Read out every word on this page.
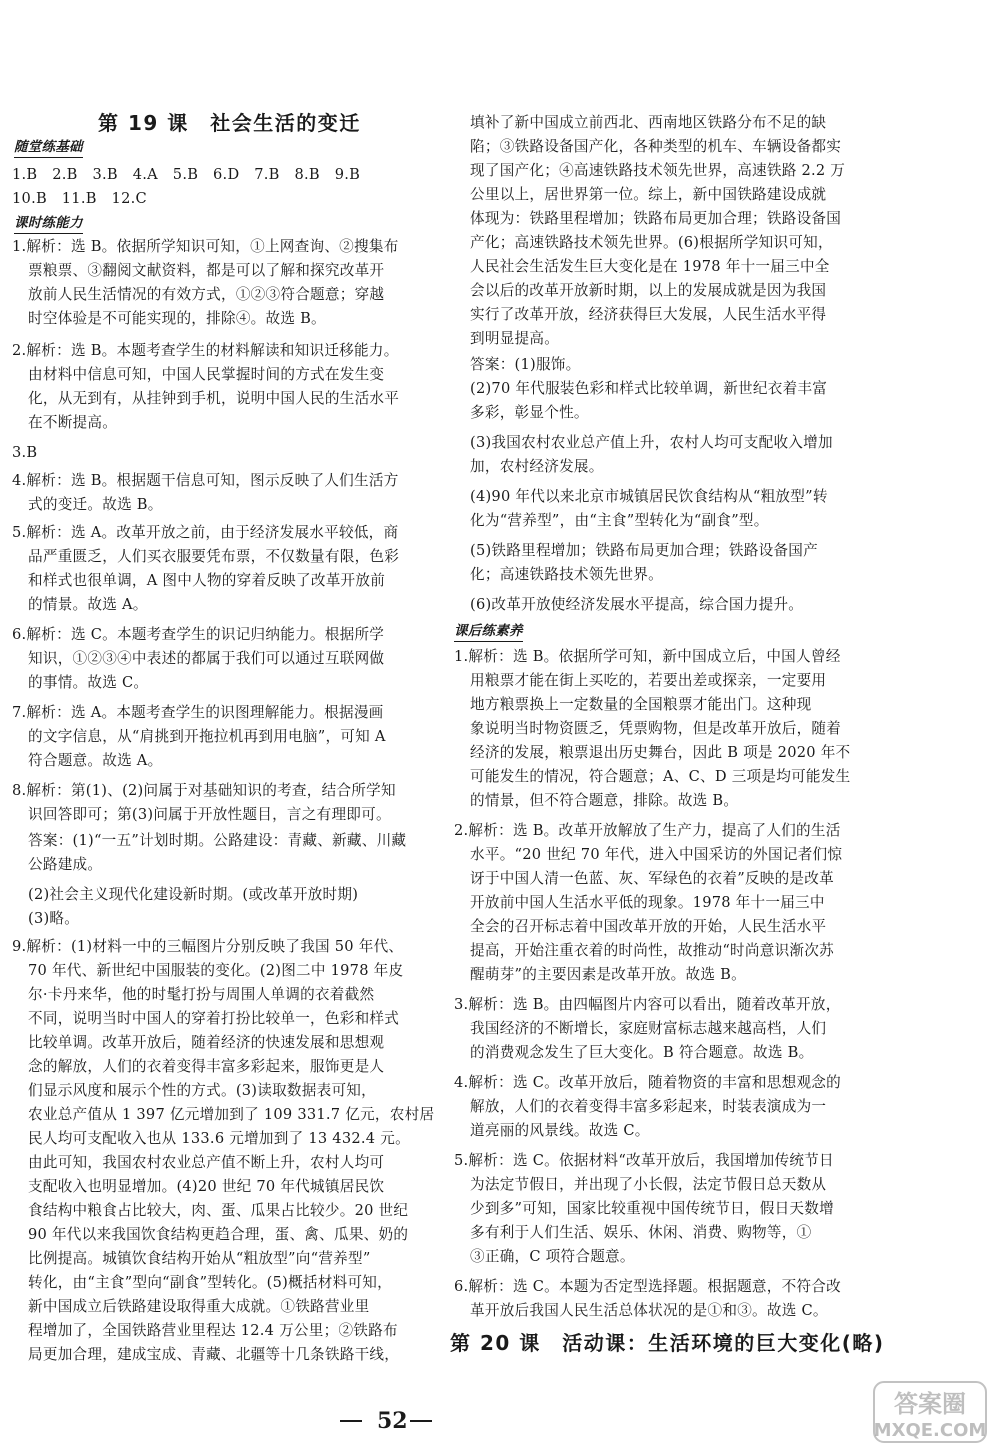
第 19 课　社会生活的变迁
随堂练基础
1.B　2.B　3.B　4.A　5.B　6.D　7.B　8.B　9.B
10.B　11.B　12.C
课时练能力
1.解析：选 B。依据所学知识可知，①上网查询、②搜集布
票粮票、③翻阅文献资料，都是可以了解和探究改革开
放前人民生活情况的有效方式，①②③符合题意；穿越
时空体验是不可能实现的，排除④。故选 B。
2.解析：选 B。本题考查学生的材料解读和知识迁移能力。
由材料中信息可知，中国人民掌握时间的方式在发生变
化，从无到有，从挂钟到手机，说明中国人民的生活水平
在不断提高。
3.B
4.解析：选 B。根据题干信息可知，图示反映了人们生活方
式的变迁。故选 B。
5.解析：选 A。改革开放之前，由于经济发展水平较低，商
品严重匮乏，人们买衣服要凭布票，不仅数量有限，色彩
和样式也很单调，A 图中人物的穿着反映了改革开放前
的情景。故选 A。
6.解析：选 C。本题考查学生的识记归纳能力。根据所学
知识，①②③④中表述的都属于我们可以通过互联网做
的事情。故选 C。
7.解析：选 A。本题考查学生的识图理解能力。根据漫画
的文字信息，从“肩挑到开拖拉机再到用电脑”，可知 A
符合题意。故选 A。
8.解析：第(1)、(2)问属于对基础知识的考查，结合所学知
识回答即可；第(3)问属于开放性题目，言之有理即可。
答案：(1)“一五”计划时期。公路建设：青藏、新藏、川藏
公路建成。
(2)社会主义现代化建设新时期。(或改革开放时期)
(3)略。
9.解析：(1)材料一中的三幅图片分别反映了我国 50 年代、
70 年代、新世纪中国服装的变化。(2)图二中 1978 年皮
尔·卡丹来华，他的时髦打扮与周围人单调的衣着截然
不同，说明当时中国人的穿着打扮比较单一，色彩和样式
比较单调。改革开放后，随着经济的快速发展和思想观
念的解放，人们的衣着变得丰富多彩起来，服饰更是人
们显示风度和展示个性的方式。(3)读取数据表可知，
农业总产值从 1 397 亿元增加到了 109 331.7 亿元，农村居
民人均可支配收入也从 133.6 元增加到了 13 432.4 元。
由此可知，我国农村农业总产值不断上升，农村人均可
支配收入也明显增加。(4)20 世纪 70 年代城镇居民饮
食结构中粮食占比较大，肉、蛋、瓜果占比较少。20 世纪
90 年代以来我国饮食结构更趋合理，蛋、禽、瓜果、奶的
比例提高。城镇饮食结构开始从“粗放型”向“营养型”
转化，由“主食”型向“副食”型转化。(5)概括材料可知，
新中国成立后铁路建设取得重大成就。①铁路营业里
程增加了，全国铁路营业里程达 12.4 万公里；②铁路布
局更加合理，建成宝成、青藏、北疆等十几条铁路干线，
填补了新中国成立前西北、西南地区铁路分布不足的缺
陷；③铁路设备国产化，各种类型的机车、车辆设备都实
现了国产化；④高速铁路技术领先世界，高速铁路 2.2 万
公里以上，居世界第一位。综上，新中国铁路建设成就
体现为：铁路里程增加；铁路布局更加合理；铁路设备国
产化；高速铁路技术领先世界。(6)根据所学知识可知，
人民社会生活发生巨大变化是在 1978 年十一届三中全
会以后的改革开放新时期，以上的发展成就是因为我国
实行了改革开放，经济获得巨大发展，人民生活水平得
到明显提高。
答案：(1)服饰。
(2)70 年代服装色彩和样式比较单调，新世纪衣着丰富
多彩，彰显个性。
(3)我国农村农业总产值上升，农村人均可支配收入增加
加，农村经济发展。
(4)90 年代以来北京市城镇居民饮食结构从“粗放型”转
化为“营养型”，由“主食”型转化为“副食”型。
(5)铁路里程增加；铁路布局更加合理；铁路设备国产
化；高速铁路技术领先世界。
(6)改革开放使经济发展水平提高，综合国力提升。
课后练素养
1.解析：选 B。依据所学可知，新中国成立后，中国人曾经
用粮票才能在街上买吃的，若要出差或探亲，一定要用
地方粮票换上一定数量的全国粮票才能出门。这种现
象说明当时物资匮乏，凭票购物，但是改革开放后，随着
经济的发展，粮票退出历史舞台，因此 B 项是 2020 年不
可能发生的情况，符合题意；A、C、D 三项是均可能发生
的情景，但不符合题意，排除。故选 B。
2.解析：选 B。改革开放解放了生产力，提高了人们的生活
水平。“20 世纪 70 年代，进入中国采访的外国记者们惊
讶于中国人清一色蓝、灰、军绿色的衣着”反映的是改革
开放前中国人生活水平低的现象。1978 年十一届三中
全会的召开标志着中国改革开放的开始，人民生活水平
提高，开始注重衣着的时尚性，故推动“时尚意识渐次苏
醒萌芽”的主要因素是改革开放。故选 B。
3.解析：选 B。由四幅图片内容可以看出，随着改革开放，
我国经济的不断增长，家庭财富标志越来越高档，人们
的消费观念发生了巨大变化。B 符合题意。故选 B。
4.解析：选 C。改革开放后，随着物资的丰富和思想观念的
解放，人们的衣着变得丰富多彩起来，时装表演成为一
道亮丽的风景线。故选 C。
5.解析：选 C。依据材料“改革开放后，我国增加传统节日
为法定节假日，并出现了小长假，法定节假日总天数从
少到多”可知，国家比较重视中国传统节日，假日天数增
多有利于人们生活、娱乐、休闲、消费、购物等，①
③正确，C 项符合题意。
6.解析：选 C。本题为否定型选择题。根据题意，不符合改
革开放后我国人民生活总体状况的是①和③。故选 C。
第 20 课　活动课：生活环境的巨大变化(略)
52
答案圈
MXQE.COM
